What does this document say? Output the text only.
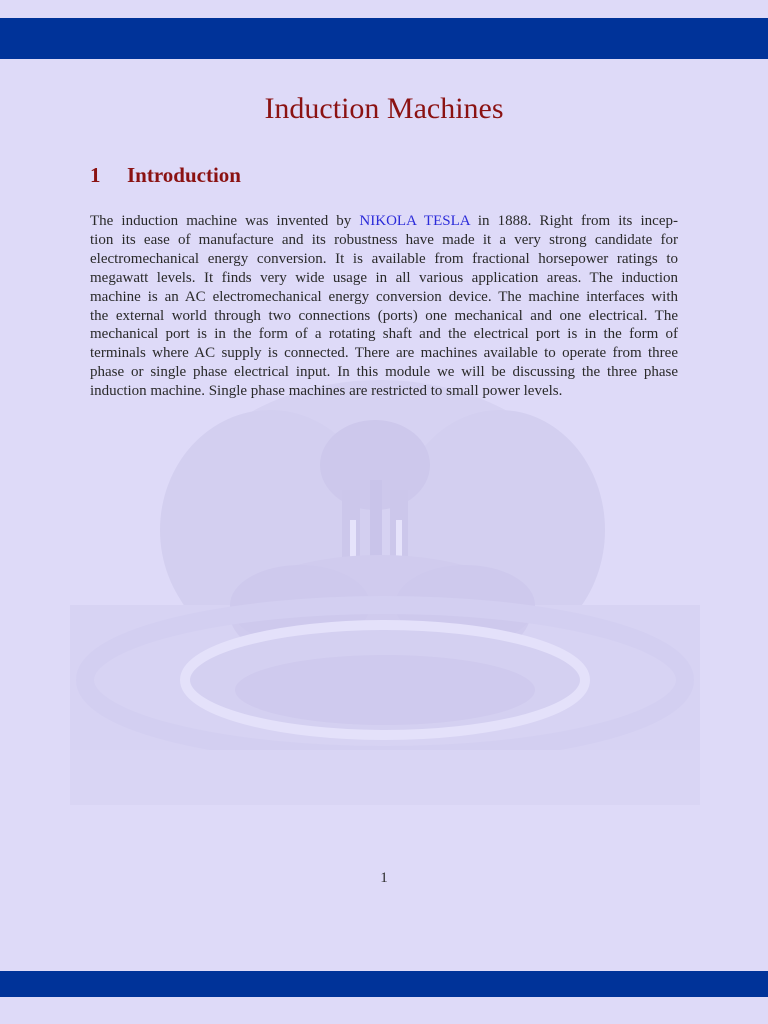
Induction Machines
1 Introduction
The induction machine was invented by NIKOLA TESLA in 1888. Right from its incep-
tion its ease of manufacture and its robustness have made it a very strong candidate for
electromechanical energy conversion. It is available from fractional horsepower ratings to
megawatt levels. It finds very wide usage in all various application areas. The induction
machine is an AC electromechanical energy conversion device. The machine interfaces with
the external world through two connections (ports) one mechanical and one electrical. The
mechanical port is in the form of a rotating shaft and the electrical port is in the form of
terminals where AC supply is connected. There are machines available to operate from three
phase or single phase electrical input. In this module we will be discussing the three phase
induction machine. Single phase machines are restricted to small power levels.
1
